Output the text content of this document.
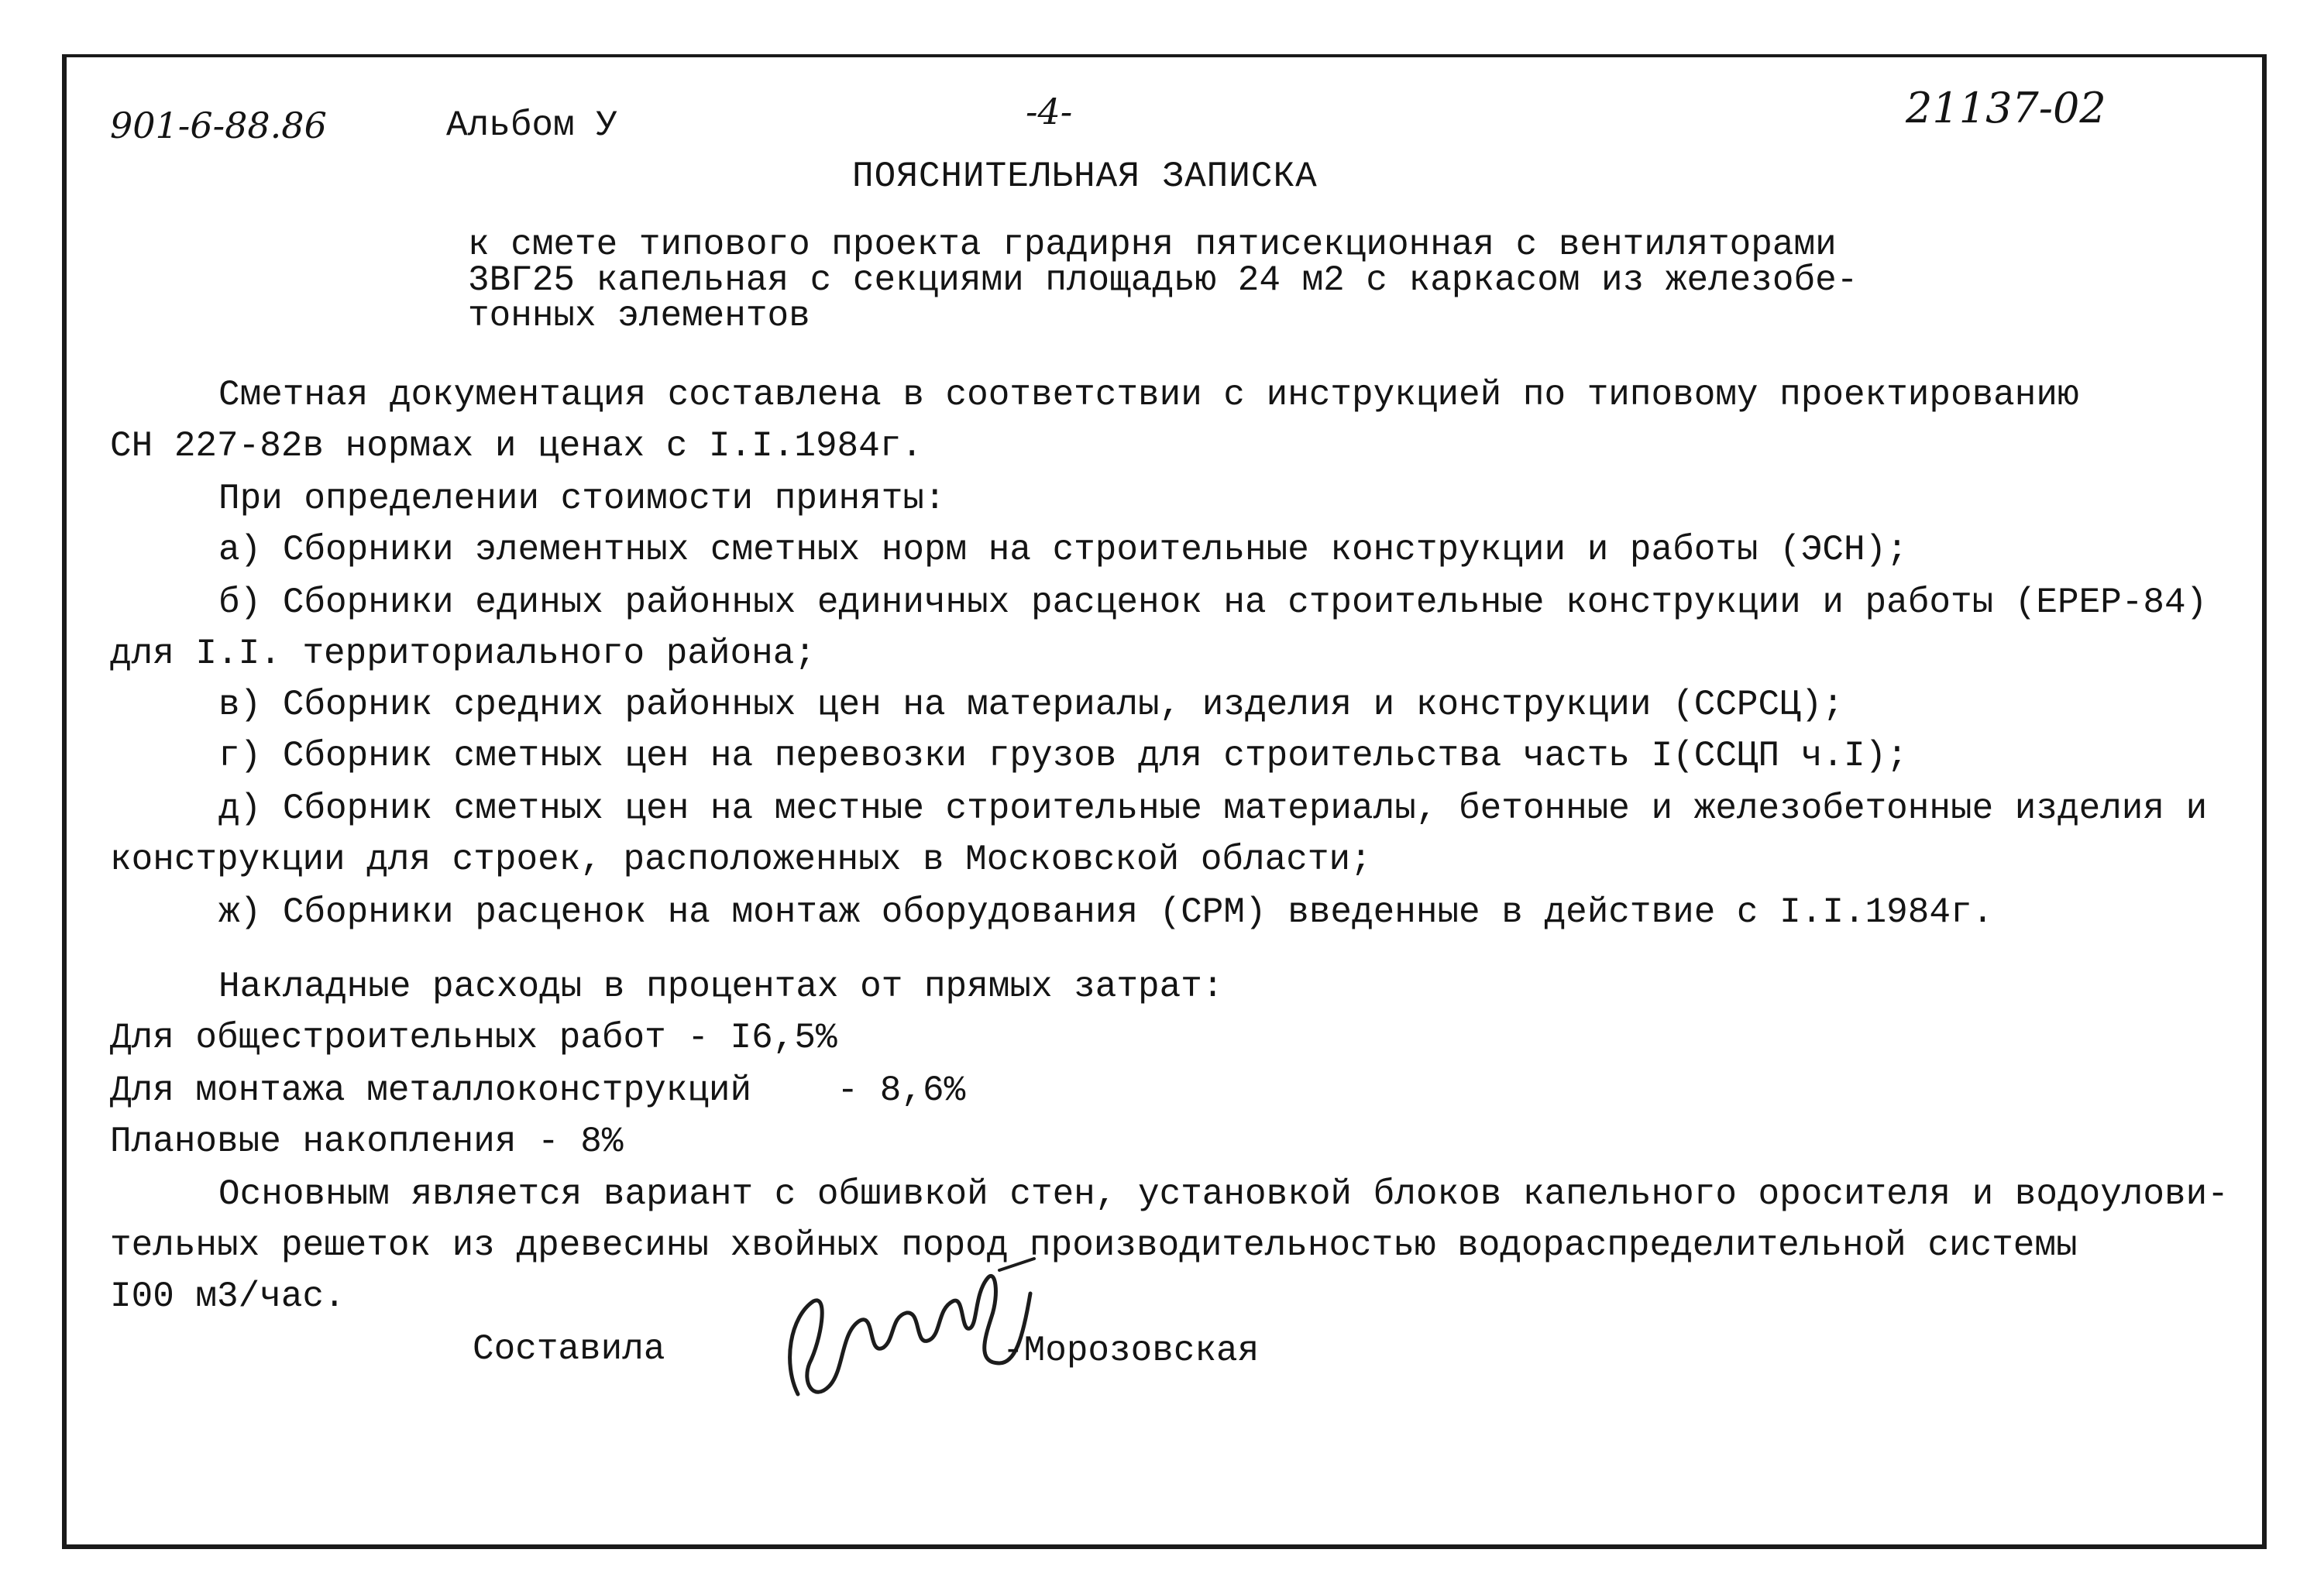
901-6-88.86	Альбом У	-4-	21137-02
ПОЯСНИТЕЛЬНАЯ ЗАПИСКА
к смете типового проекта градирня пятисекционная с вентиляторами
3ВГ25 капельная с секциями площадью 24 м2 с каркасом из железобе-
тонных элементов
Сметная документация составлена в соответствии с инструкцией по типовому проектированию
СН 227-82в нормах и ценах с I.I.1984г.
При определении стоимости приняты:
а) Сборники элементных сметных норм на строительные конструкции и работы (ЭСН);
б) Сборники единых районных единичных расценок на строительные конструкции и работы (ЕРЕР-84)
для I.I. территориального района;
в) Сборник средних районных цен на материалы, изделия и конструкции (ССРСЦ);
г) Сборник сметных цен на перевозки грузов для строительства часть I(ССЦП ч.I);
д) Сборник сметных цен на местные строительные материалы, бетонные и железобетонные изделия и
конструкции для строек, расположенных в Московской области;
ж) Сборники расценок на монтаж оборудования (СРМ) введенные в действие с I.I.1984г.
Накладные расходы в процентах от прямых затрат:
Для общестроительных работ - I6,5%
Для монтажа металлоконструкций    - 8,6%
Плановые накопления - 8%
Основным является вариант с обшивкой стен, установкой блоков капельного оросителя и водоулови-
тельных решеток из древесины хвойных пород производительностью водораспределительной системы
I00 м3/час.
Составила	-Морозовская
